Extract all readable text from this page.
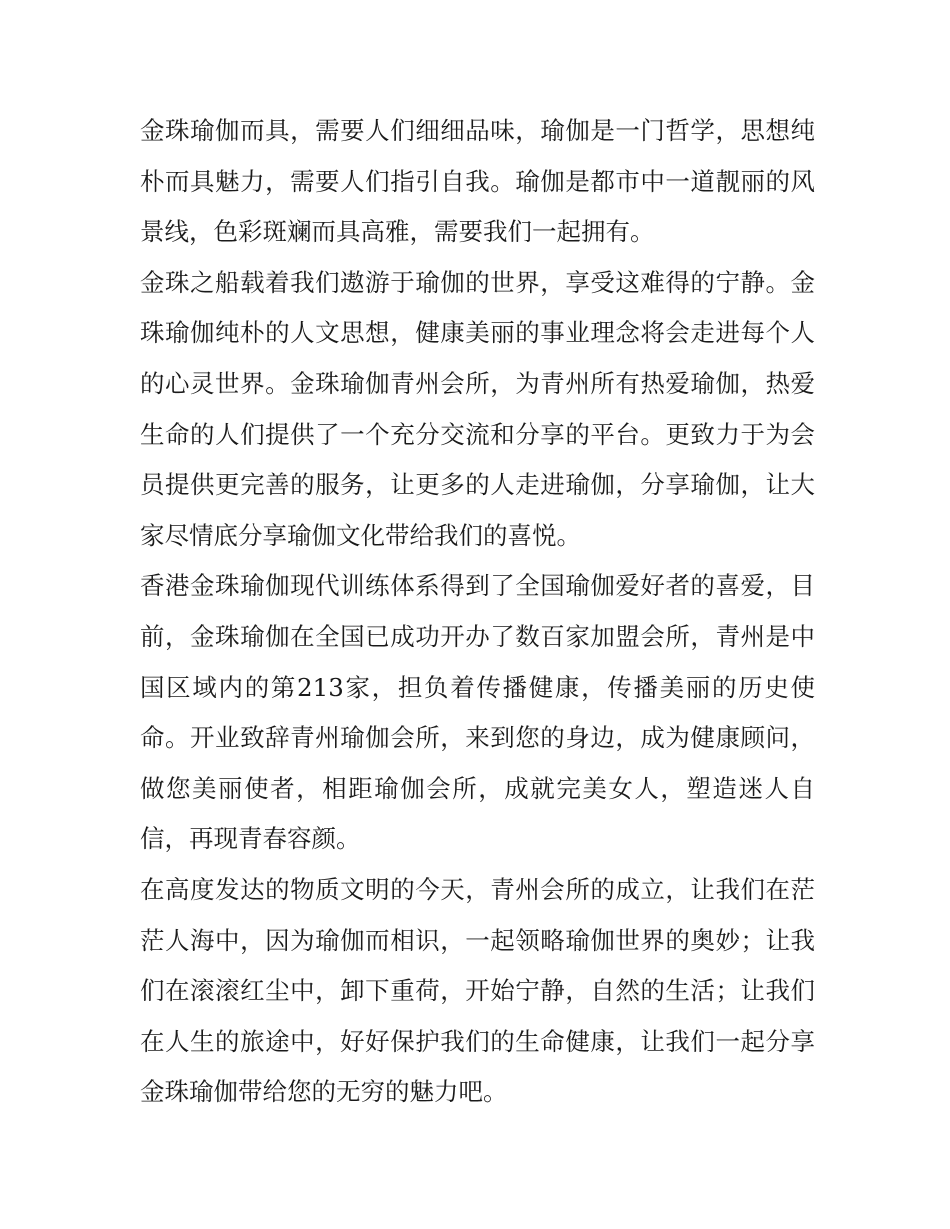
金珠瑜伽而具，需要人们细细品味，瑜伽是一门哲学，思想纯朴而具魅力，需要人们指引自我。瑜伽是都市中一道靓丽的风景线，色彩斑斓而具高雅，需要我们一起拥有。

金珠之船载着我们遨游于瑜伽的世界，享受这难得的宁静。金珠瑜伽纯朴的人文思想，健康美丽的事业理念将会走进每个人的心灵世界。金珠瑜伽青州会所，为青州所有热爱瑜伽，热爱生命的人们提供了一个充分交流和分享的平台。更致力于为会员提供更完善的服务，让更多的人走进瑜伽，分享瑜伽，让大家尽情底分享瑜伽文化带给我们的喜悦。

香港金珠瑜伽现代训练体系得到了全国瑜伽爱好者的喜爱，目前，金珠瑜伽在全国已成功开办了数百家加盟会所，青州是中国区域内的第213家，担负着传播健康，传播美丽的历史使命。开业致辞青州瑜伽会所，来到您的身边，成为健康顾问，做您美丽使者，相距瑜伽会所，成就完美女人，塑造迷人自信，再现青春容颜。

在高度发达的物质文明的今天，青州会所的成立，让我们在茫茫人海中，因为瑜伽而相识，一起领略瑜伽世界的奥妙；让我们在滚滚红尘中，卸下重荷，开始宁静，自然的生活；让我们在人生的旅途中，好好保护我们的生命健康，让我们一起分享金珠瑜伽带给您的无穷的魅力吧。
